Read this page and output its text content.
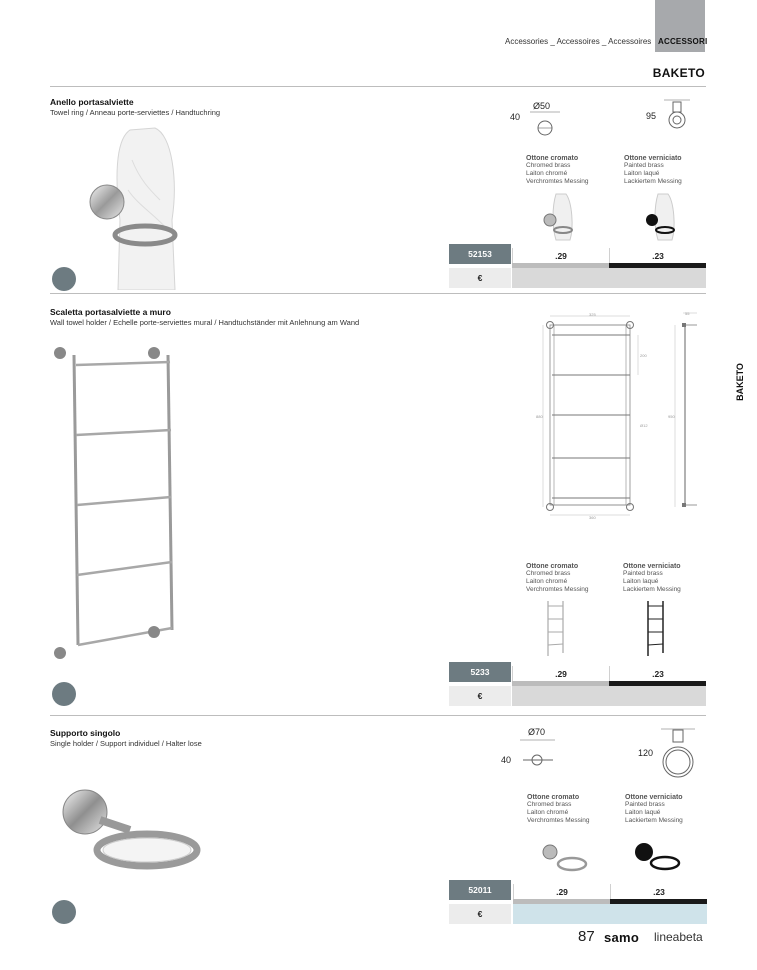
Accessories _ Accessoires _ Accessoires ACCESSORI
BAKETO
BAKETO
Anello portasalviette
Towel ring / Anneau porte-serviettes / Handtuchring
Ø50
40	95
Ottone cromato
Chromed brass
Laiton chromé
Verchromtes Messing
Ottone verniciato
Painted brass
Laiton laqué
Lackiertem Messing
52153	.29	.23
€
Scaletta portasalviette a muro
Wall towel holder / Echelle porte-serviettes mural / Handtuchständer mit Anlehnung am Wand
325	55
880	950
200
Ø12
360
Ottone cromato
Chromed brass
Laiton chromé
Verchromtes Messing
Ottone verniciato
Painted brass
Laiton laqué
Lackiertem Messing
5233	.29	.23
€
Supporto singolo
Single holder / Support individuel / Halter lose
Ø70
40
120
Ottone cromato
Chromed brass
Laiton chromé
Verchromtes Messing
Ottone verniciato
Painted brass
Laiton laqué
Lackiertem Messing
52011	.29	.23
€
87 samo lineabeta
